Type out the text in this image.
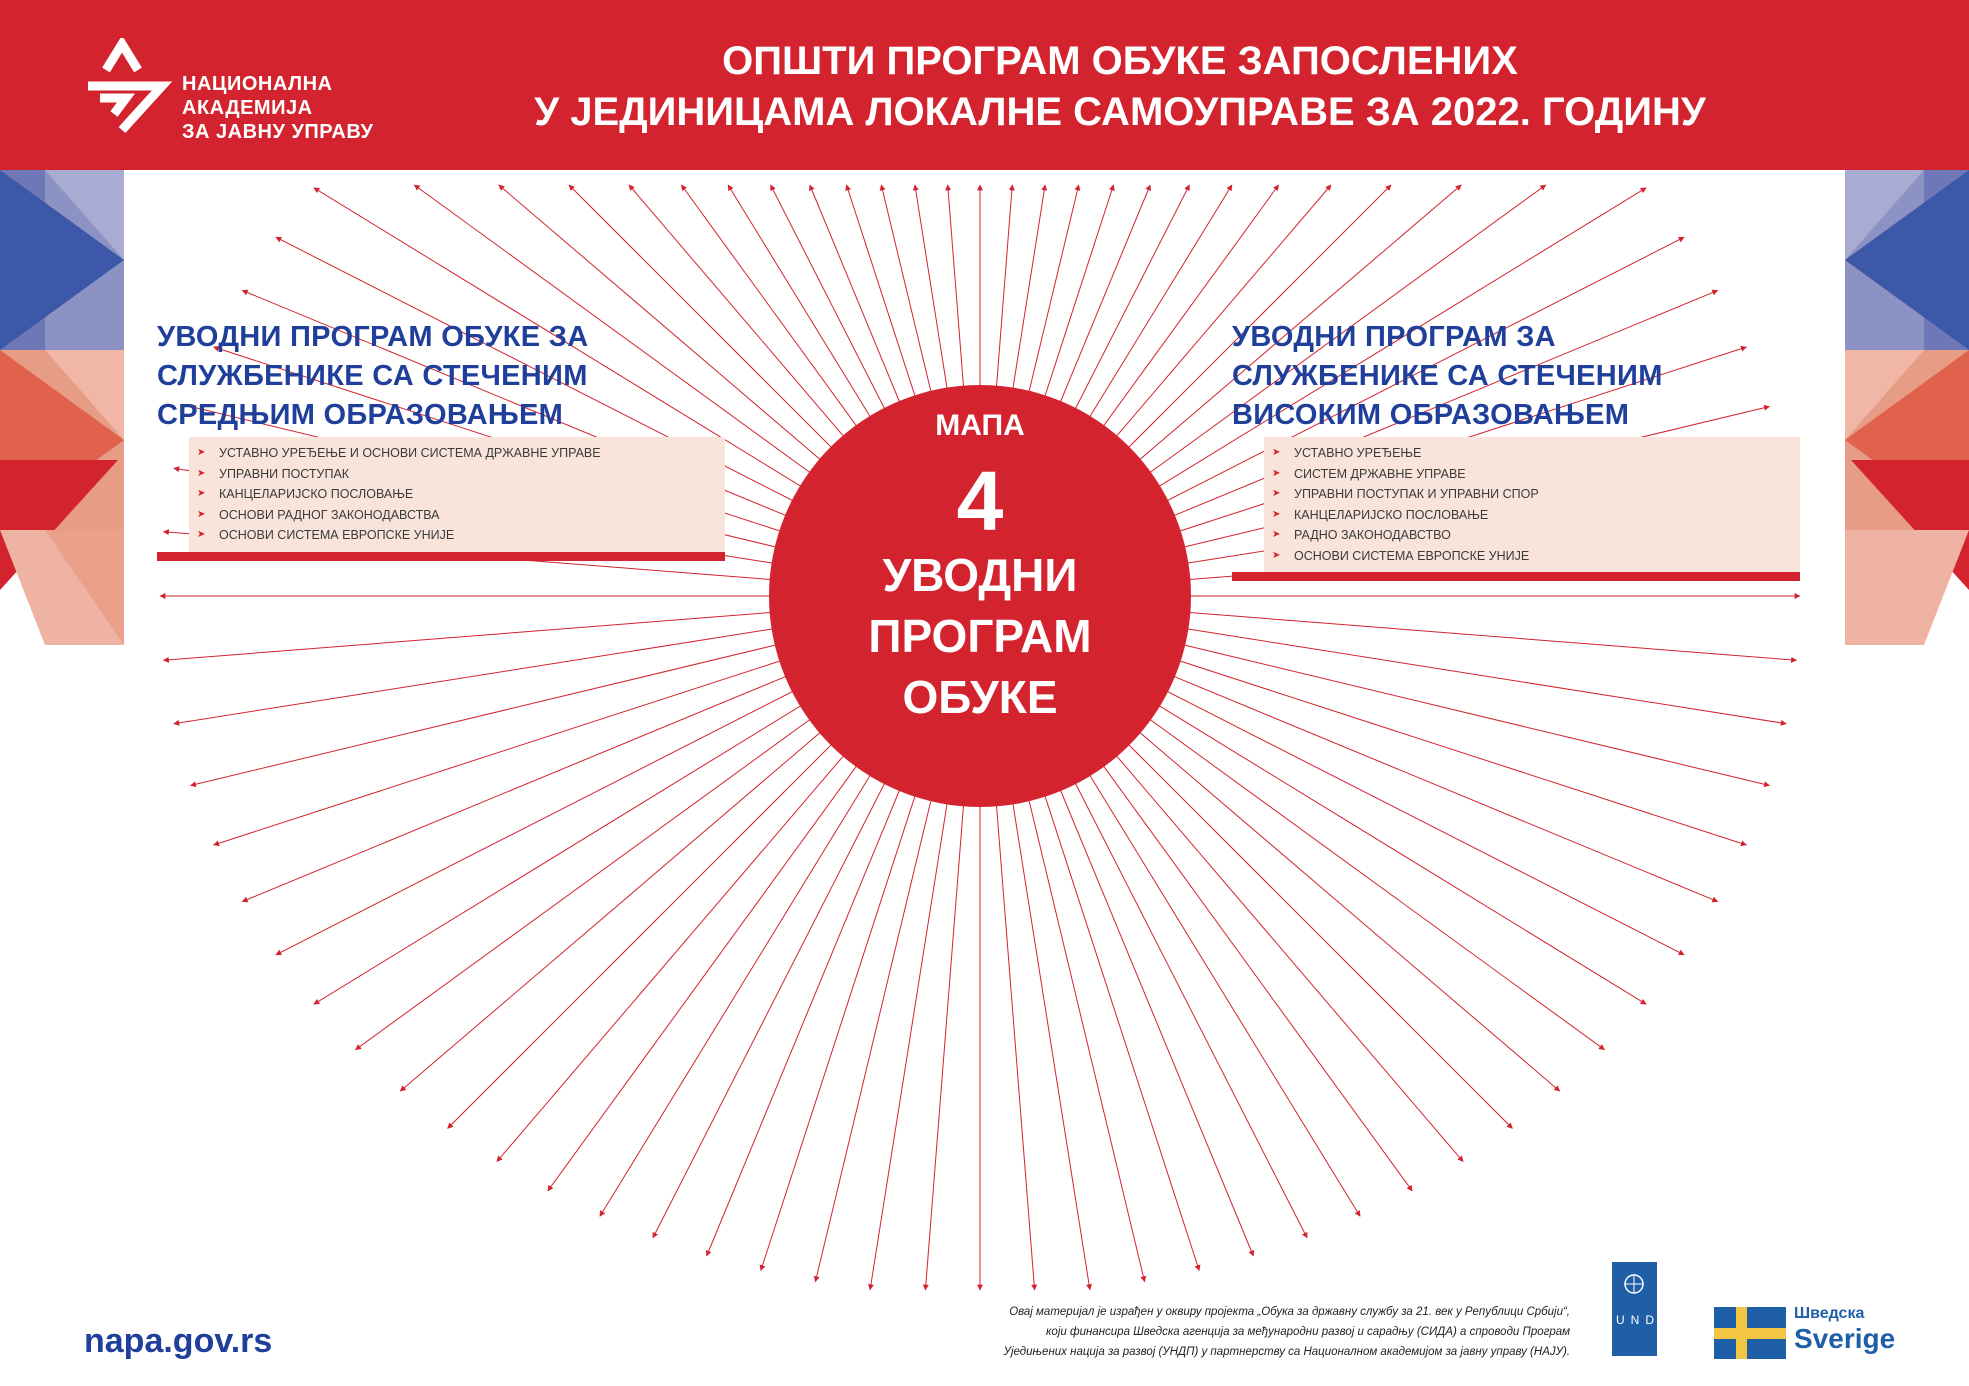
НАЦИОНАЛНА АКАДЕМИЈА
ЗА ЈАВНУ УПРАВУ
ОПШТИ ПРОГРАМ ОБУКЕ ЗАПОСЛЕНИХ
У ЈЕДИНИЦАМА ЛОКАЛНЕ САМОУПРАВЕ ЗА 2022. ГОДИНУ
УВОДНИ ПРОГРАМ ОБУКЕ ЗА
СЛУЖБЕНИКЕ СА СТЕЧЕНИМ
СРЕДЊИМ ОБРАЗОВАЊЕМ
➤ УСТАВНО УРЕЂЕЊЕ И ОСНОВИ СИСТЕМА ДРЖАВНЕ УПРАВЕ
➤ УПРАВНИ ПОСТУПАК
➤ КАНЦЕЛАРИЈСКО ПОСЛОВАЊЕ
➤ ОСНОВИ РАДНОГ ЗАКОНОДАВСТВА
➤ ОСНОВИ СИСТЕМА ЕВРОПСКЕ УНИЈЕ
УВОДНИ ПРОГРАМ ЗА
СЛУЖБЕНИКЕ СА СТЕЧЕНИМ
ВИСОКИМ ОБРАЗОВАЊЕМ
➤ УСТАВНО УРЕЂЕЊЕ
➤ СИСТЕМ ДРЖАВНЕ УПРАВЕ
➤ УПРАВНИ ПОСТУПАК И УПРАВНИ СПОР
➤ КАНЦЕЛАРИЈСКО ПОСЛОВАЊЕ
➤ РАДНО ЗАКОНОДАВСТВО
➤ ОСНОВИ СИСТЕМА ЕВРОПСКЕ УНИЈЕ
МАПА
4
УВОДНИ
ПРОГРАМ
ОБУКЕ
napa.gov.rs
Овај материјал је израђен у оквиру пројекта „Обука за државну службу за 21. век у Републици Србији“,
који финансира Шведска агенција за међународни развој и сарадњу (СИДА) а спроводи Програм
Уједињених нација за развој (УНДП) у партнерству са Националном академијом за јавну управу (НАЈУ).
UNDP	Шведска
Sverige
